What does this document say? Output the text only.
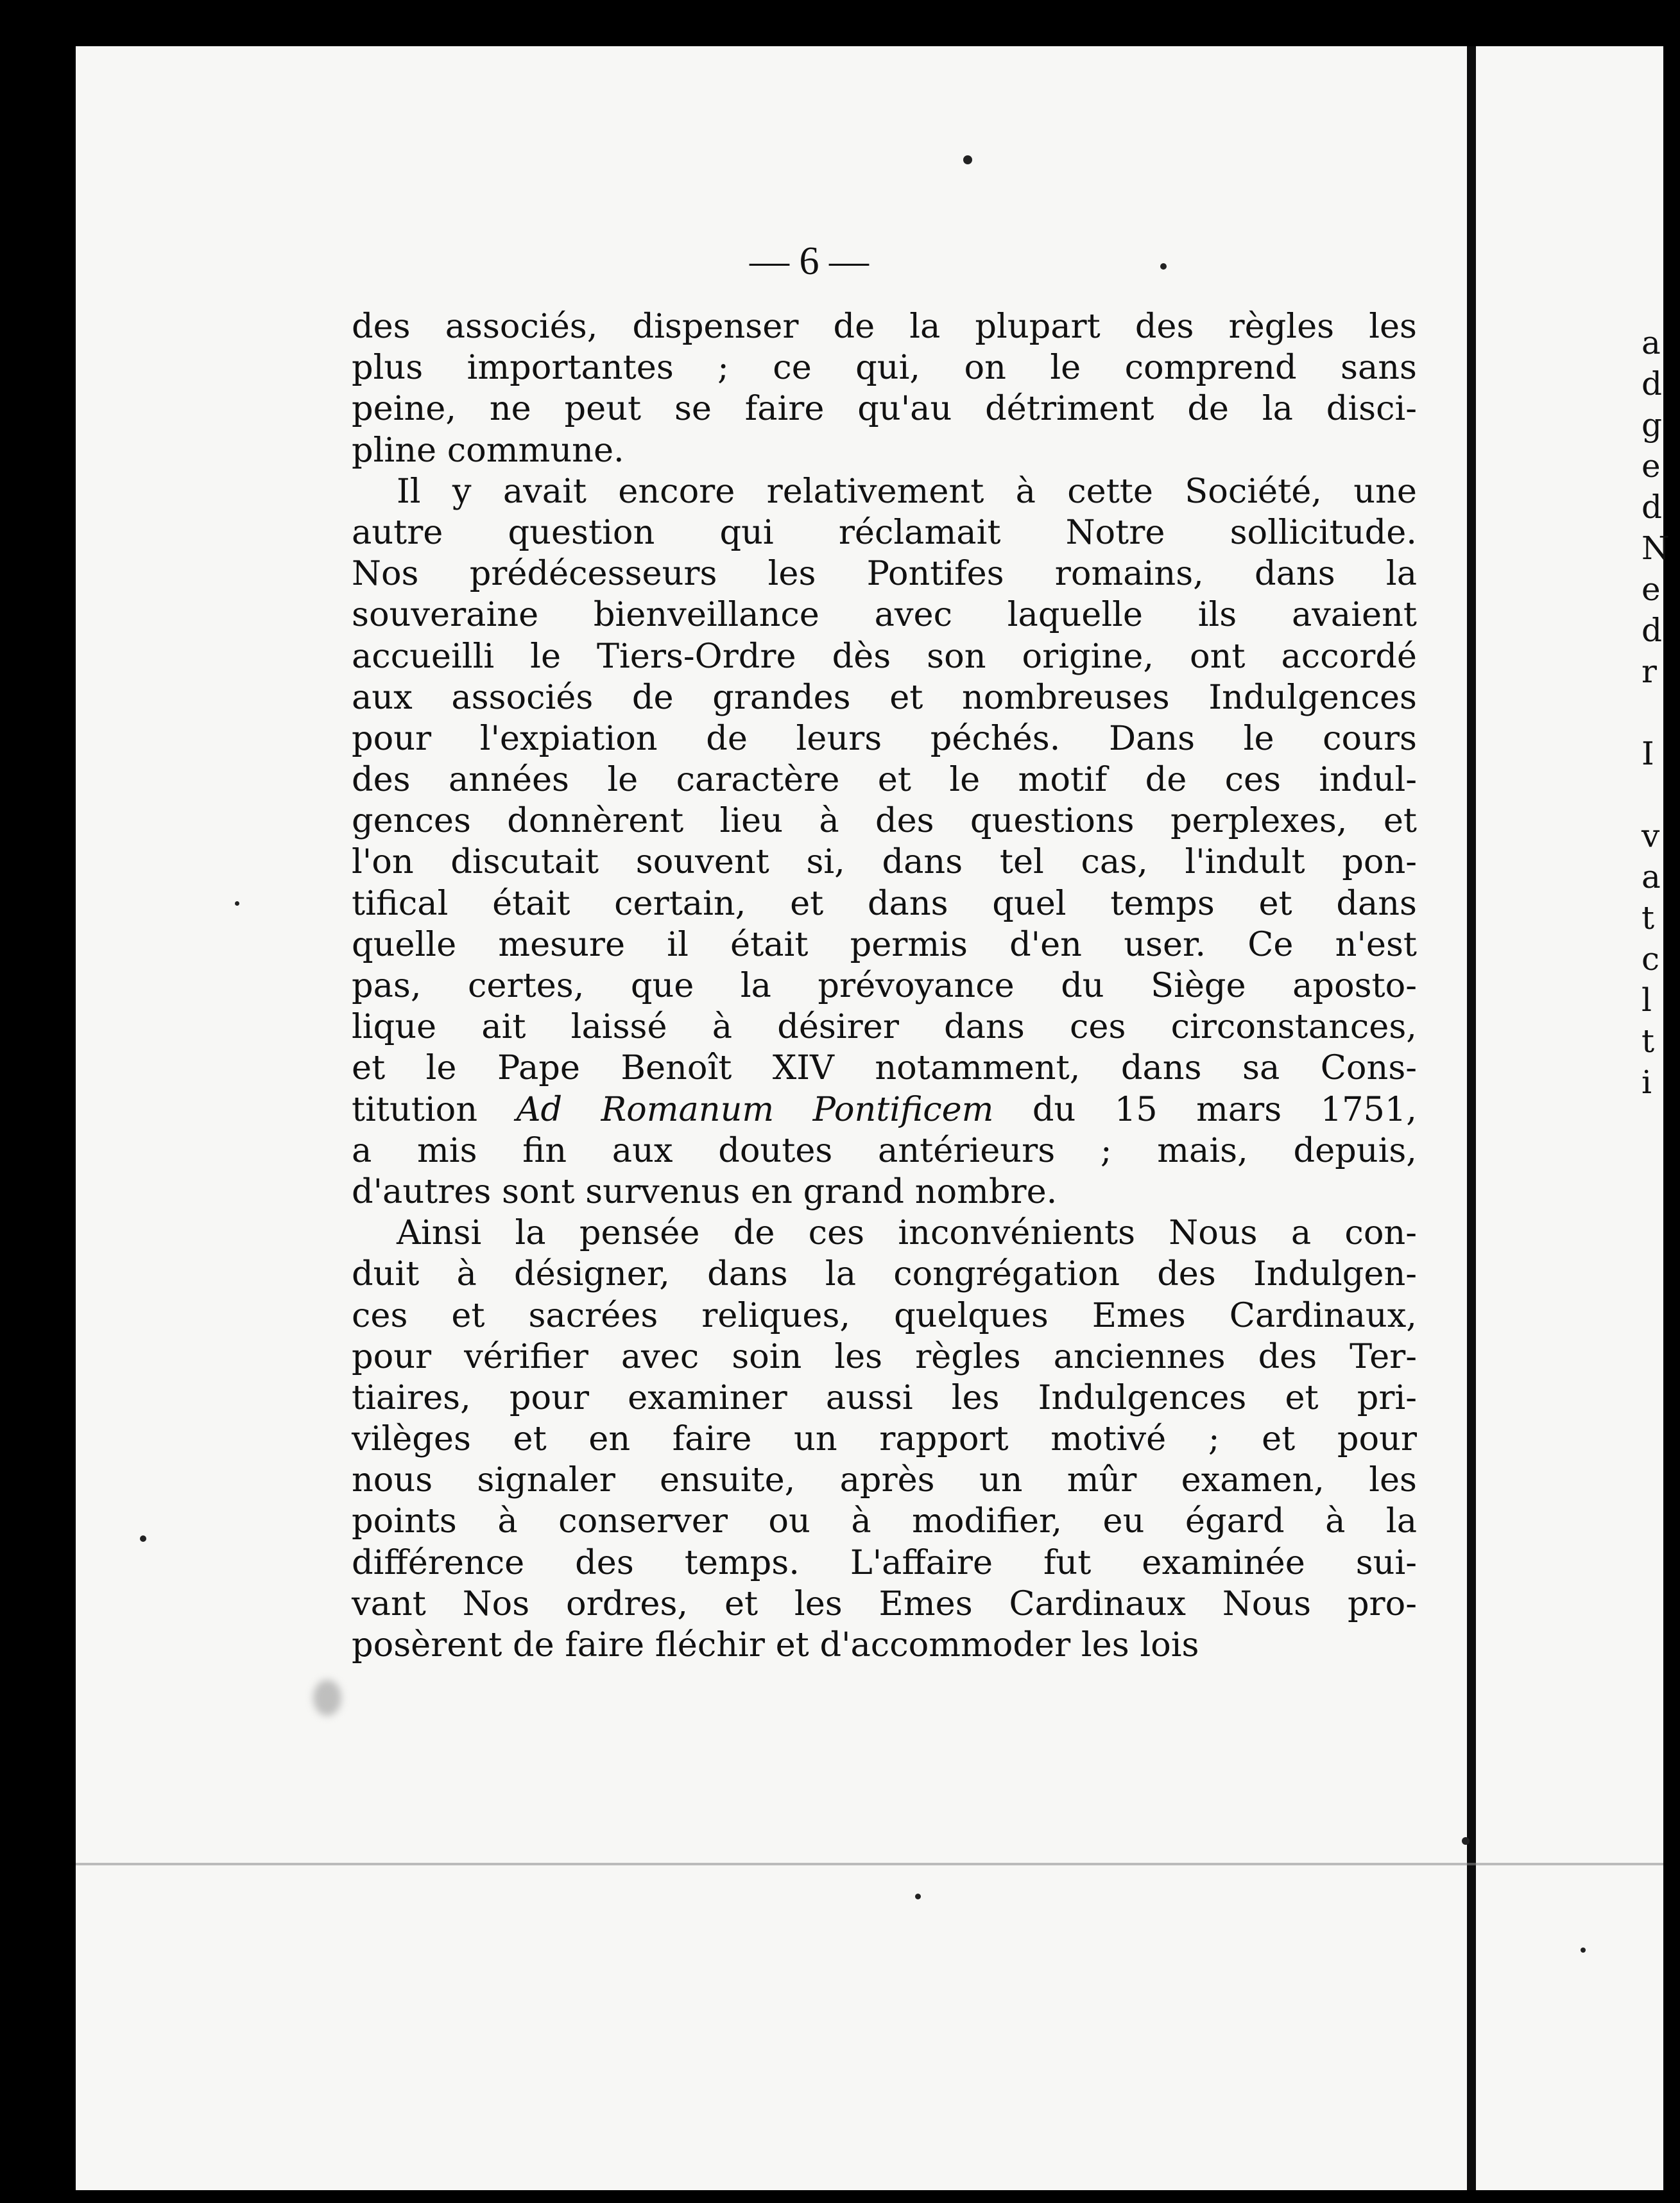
— 6 —
des associés, dispenser de la plupart des règles les
plus importantes ; ce qui, on le comprend sans
peine, ne peut se faire qu'au détriment de la disci-
pline commune.
Il y avait encore relativement à cette Société, une
autre question qui réclamait Notre sollicitude.
Nos prédécesseurs les Pontifes romains, dans la
souveraine bienveillance avec laquelle ils avaient
accueilli le Tiers-Ordre dès son origine, ont accordé
aux associés de grandes et nombreuses Indulgences
pour l'expiation de leurs péchés. Dans le cours
des années le caractère et le motif de ces indul-
gences donnèrent lieu à des questions perplexes, et
l'on discutait souvent si, dans tel cas, l'indult pon-
tifical était certain, et dans quel temps et dans
quelle mesure il était permis d'en user. Ce n'est
pas, certes, que la prévoyance du Siège aposto-
lique ait laissé à désirer dans ces circonstances,
et le Pape Benoît XIV notamment, dans sa Cons-
titution Ad Romanum Pontificem du 15 mars 1751,
a mis fin aux doutes antérieurs ; mais, depuis,
d'autres sont survenus en grand nombre.
Ainsi la pensée de ces inconvénients Nous a con-
duit à désigner, dans la congrégation des Indulgen-
ces et sacrées reliques, quelques Emes Cardinaux,
pour vérifier avec soin les règles anciennes des Ter-
tiaires, pour examiner aussi les Indulgences et pri-
vilèges et en faire un rapport motivé ; et pour
nous signaler ensuite, après un mûr examen, les
points à conserver ou à modifier, eu égard à la
différence des temps. L'affaire fut examinée sui-
vant Nos ordres, et les Emes Cardinaux Nous pro-
posèrent de faire fléchir et d'accommoder les lois
a
d
g
e
d
N
e
d
r
I
v
a
t
c
l
t
i
